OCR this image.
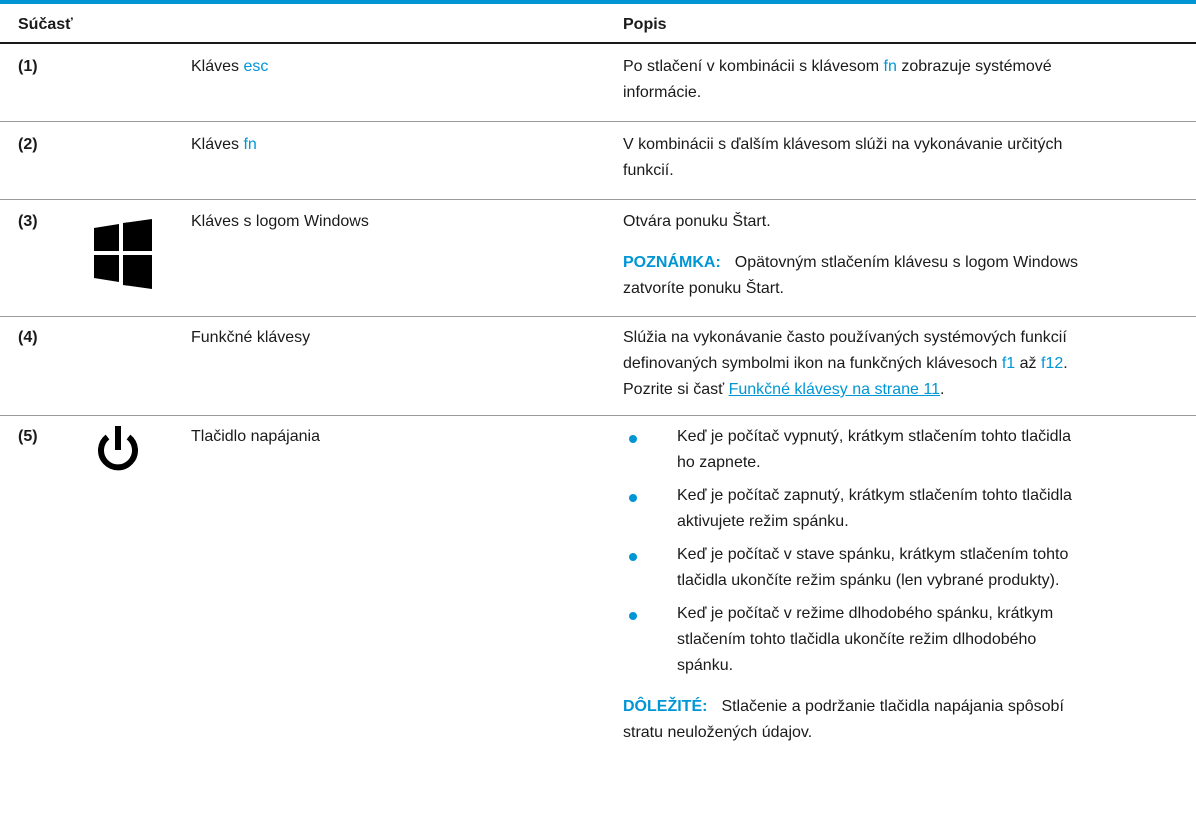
Súčasť	Popis
(1)	Kláves esc	Po stlačení v kombinácii s klávesom fn zobrazuje systémové
informácie.
(2)	Kláves fn	V kombinácii s ďalším klávesom slúži na vykonávanie určitých
funkcií.
(3)	Kláves s logom Windows	Otvára ponuku Štart.
POZNÁMKA: Opätovným stlačením klávesu s logom Windows
zatvoríte ponuku Štart.
(4)	Funkčné klávesy	Slúžia na vykonávanie často používaných systémových funkcií
definovaných symbolmi ikon na funkčných klávesoch f1 až f12.
Pozrite si časť Funkčné klávesy na strane 11.
(5)	Tlačidlo napájania	Keď je počítač vypnutý, krátkym stlačením tohto tlačidla
ho zapnete.
Keď je počítač zapnutý, krátkym stlačením tohto tlačidla
aktivujete režim spánku.
Keď je počítač v stave spánku, krátkym stlačením tohto
tlačidla ukončíte režim spánku (len vybrané produkty).
Keď je počítač v režime dlhodobého spánku, krátkym
stlačením tohto tlačidla ukončíte režim dlhodobého
spánku.
DÔLEŽITÉ: Stlačenie a podržanie tlačidla napájania spôsobí
stratu neuložených údajov.
